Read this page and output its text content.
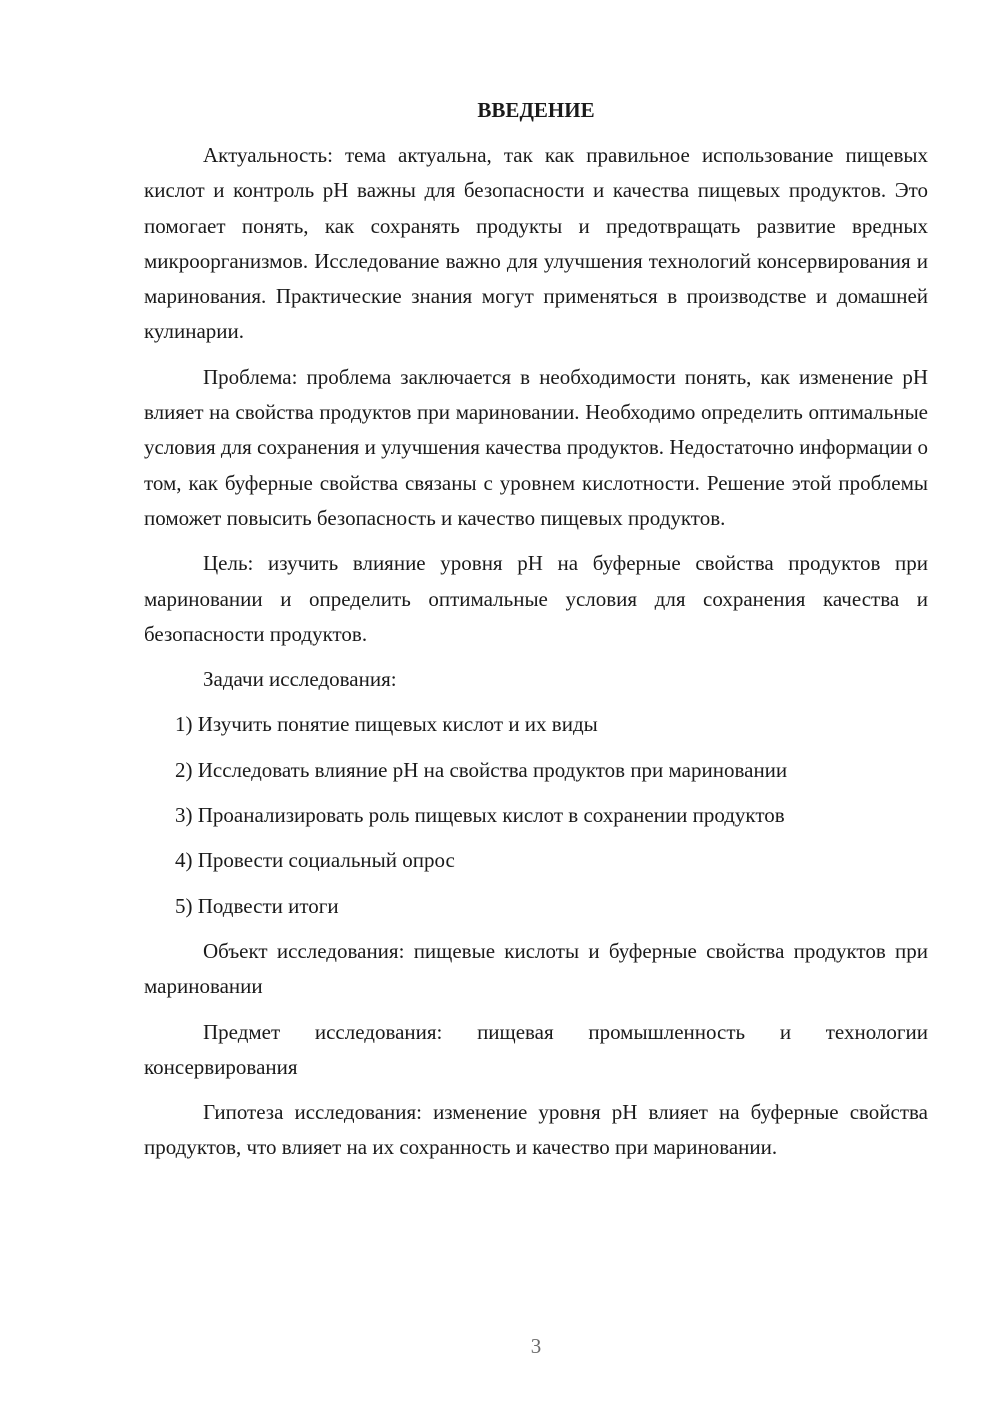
ВВЕДЕНИЕ

Актуальность: тема актуальна, так как правильное использование пищевых кислот и контроль pH важны для безопасности и качества пищевых продуктов. Это помогает понять, как сохранять продукты и предотвращать развитие вредных микроорганизмов. Исследование важно для улучшения технологий консервирования и маринования. Практические знания могут применяться в производстве и домашней кулинарии.

Проблема: проблема заключается в необходимости понять, как изменение pH влияет на свойства продуктов при мариновании. Необходимо определить оптимальные условия для сохранения и улучшения качества продуктов. Недостаточно информации о том, как буферные свойства связаны с уровнем кислотности. Решение этой проблемы поможет повысить безопасность и качество пищевых продуктов.

Цель: изучить влияние уровня pH на буферные свойства продуктов при мариновании и определить оптимальные условия для сохранения качества и безопасности продуктов.

Задачи исследования:

1) Изучить понятие пищевых кислот и их виды
2) Исследовать влияние pH на свойства продуктов при мариновании
3) Проанализировать роль пищевых кислот в сохранении продуктов
4) Провести социальный опрос
5) Подвести итоги

Объект исследования: пищевые кислоты и буферные свойства продуктов при мариновании

Предмет исследования: пищевая промышленность и технологии консервирования

Гипотеза исследования: изменение уровня pH влияет на буферные свойства продуктов, что влияет на их сохранность и качество при мариновании.

3
